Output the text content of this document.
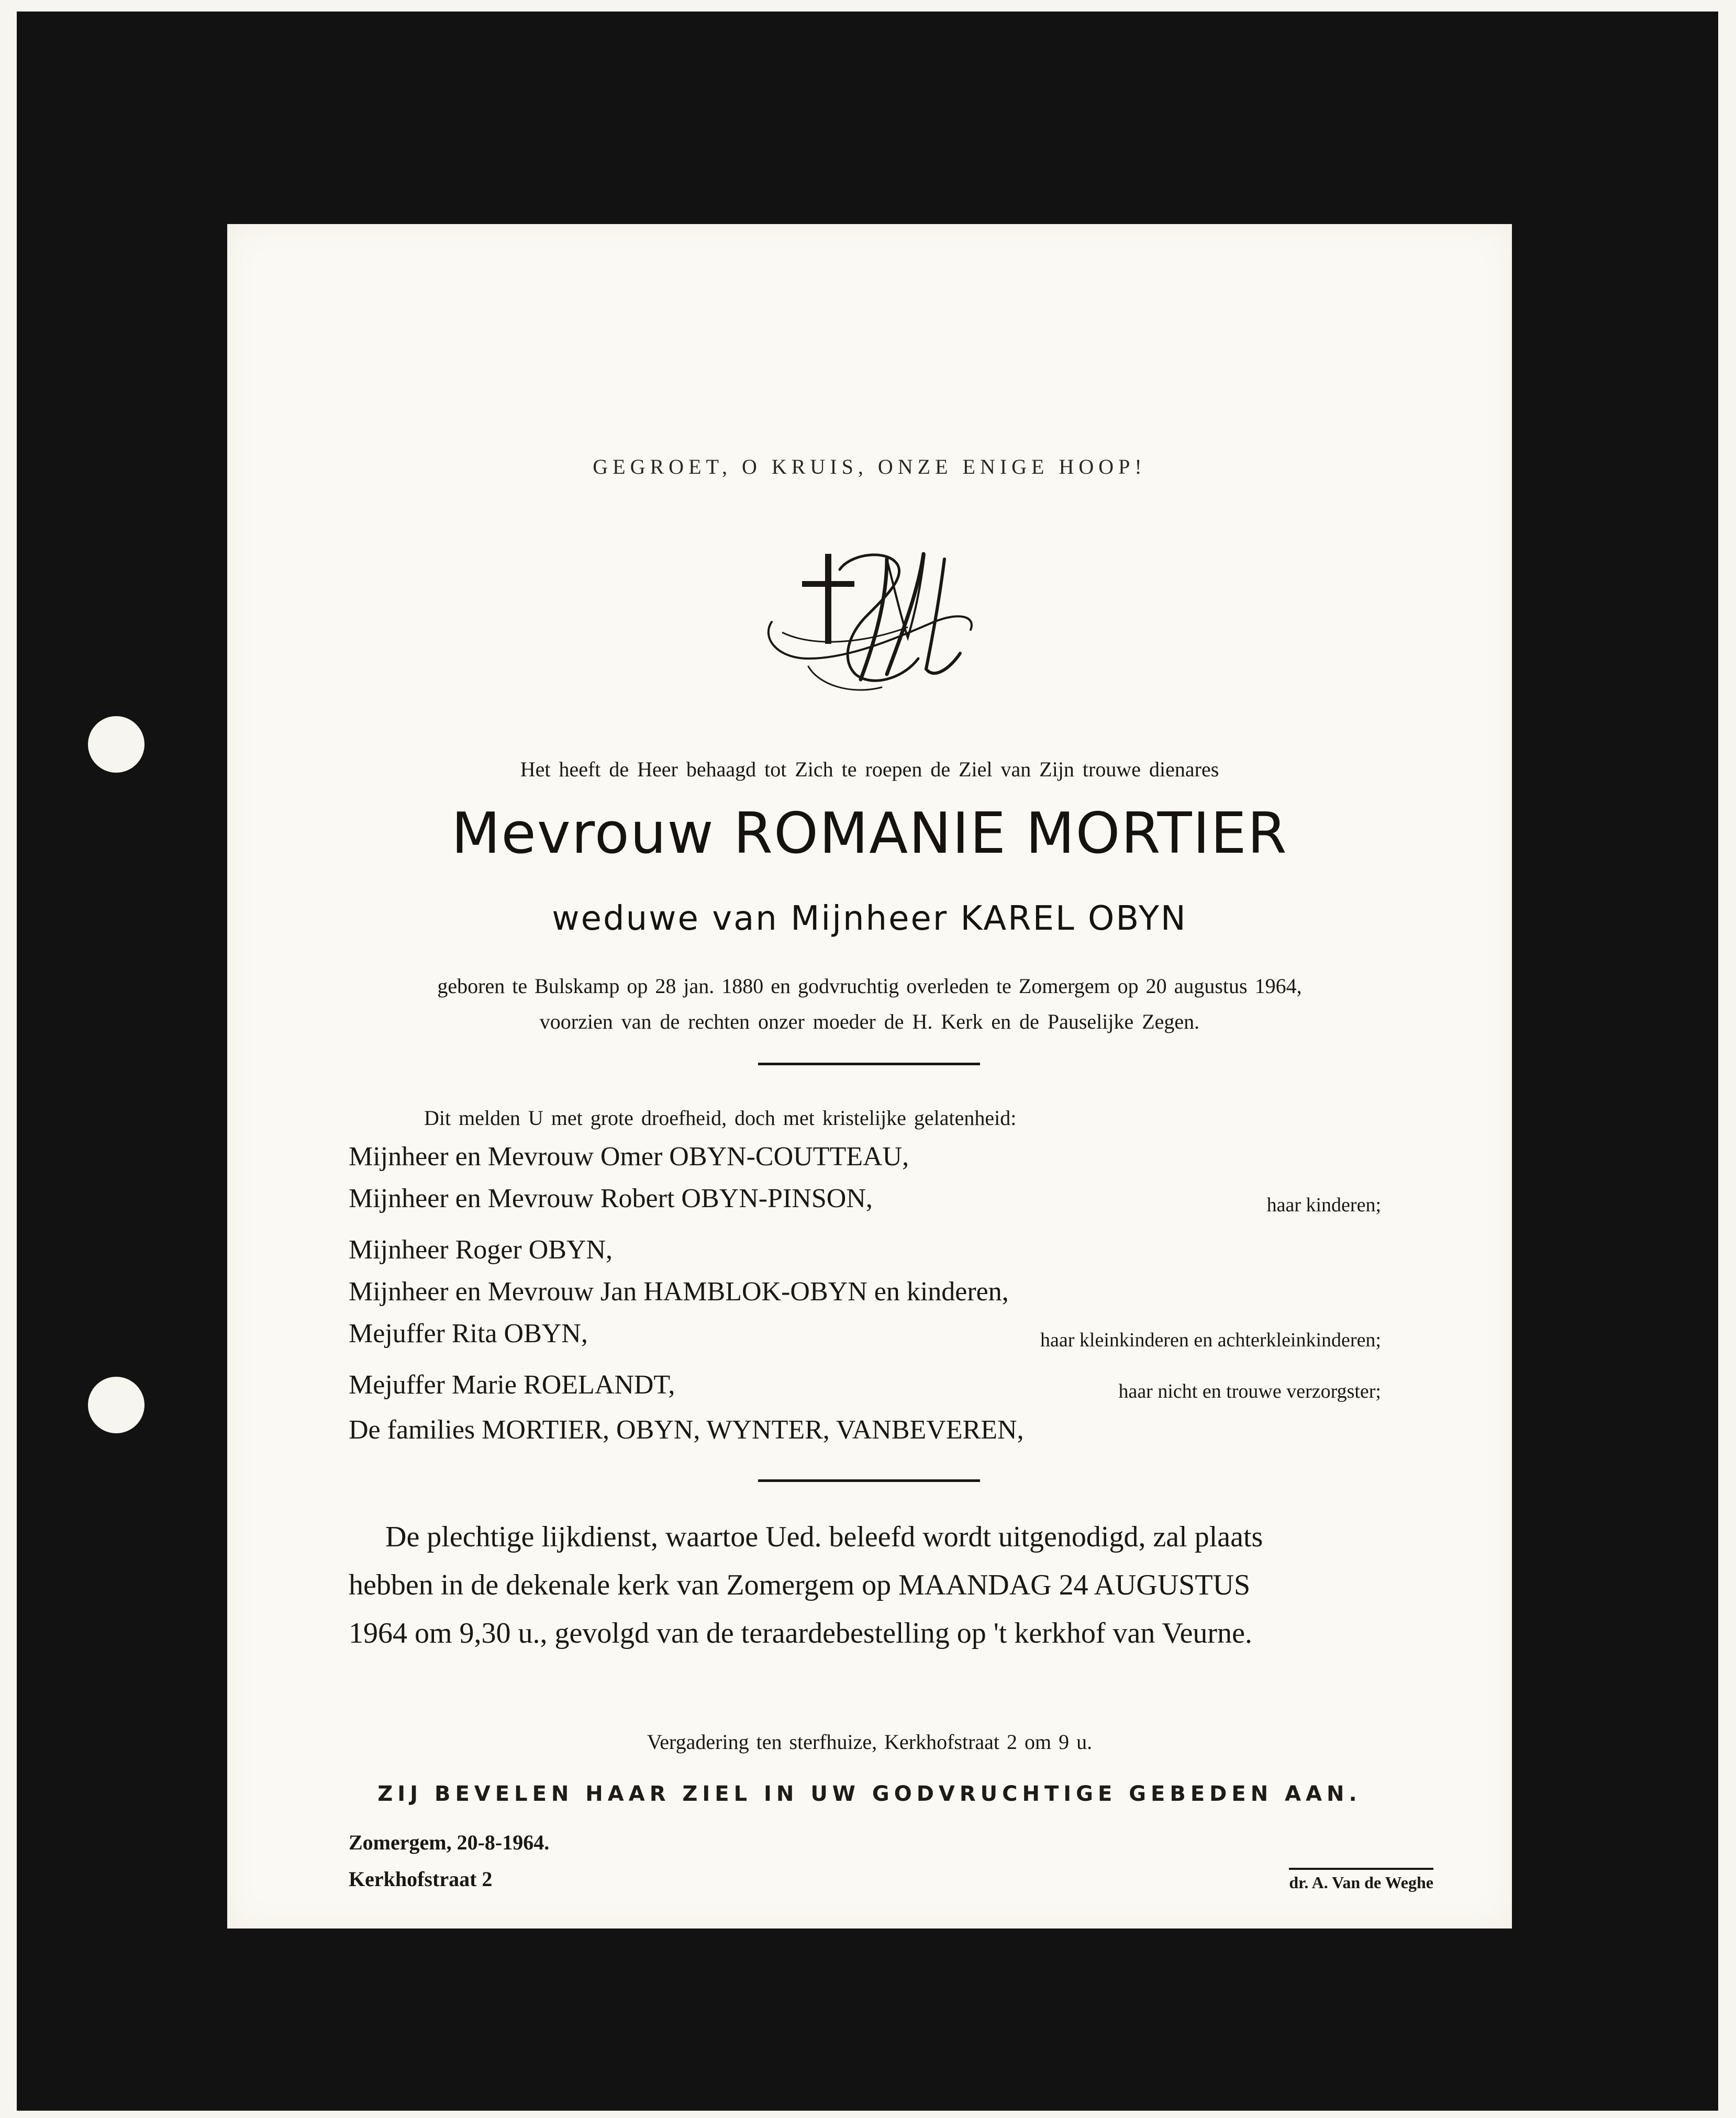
GEGROET, O KRUIS, ONZE ENIGE HOOP!
Het heeft de Heer behaagd tot Zich te roepen de Ziel van Zijn trouwe dienares
Mevrouw ROMANIE MORTIER
weduwe van Mijnheer KAREL OBYN
geboren te Bulskamp op 28 jan. 1880 en godvruchtig overleden te Zomergem op 20 augustus 1964,
voorzien van de rechten onzer moeder de H. Kerk en de Pauselijke Zegen.
Dit melden U met grote droefheid, doch met kristelijke gelatenheid:
Mijnheer en Mevrouw Omer OBYN-COUTTEAU,
Mijnheer en Mevrouw Robert OBYN-PINSON,	haar kinderen;
Mijnheer Roger OBYN,
Mijnheer en Mevrouw Jan HAMBLOK-OBYN en kinderen,
Mejuffer Rita OBYN,	haar kleinkinderen en achterkleinkinderen;
Mejuffer Marie ROELANDT,	haar nicht en trouwe verzorgster;
De families MORTIER, OBYN, WYNTER, VANBEVEREN,
De plechtige lijkdienst, waartoe Ued. beleefd wordt uitgenodigd, zal plaats
hebben in de dekenale kerk van Zomergem op MAANDAG 24 AUGUSTUS
1964 om 9,30 u., gevolgd van de teraardebestelling op 't kerkhof van Veurne.
Vergadering ten sterfhuize, Kerkhofstraat 2 om 9 u.
ZIJ BEVELEN HAAR ZIEL IN UW GODVRUCHTIGE GEBEDEN AAN.
Zomergem, 20-8-1964.
Kerkhofstraat 2	dr. A. Van de Weghe
